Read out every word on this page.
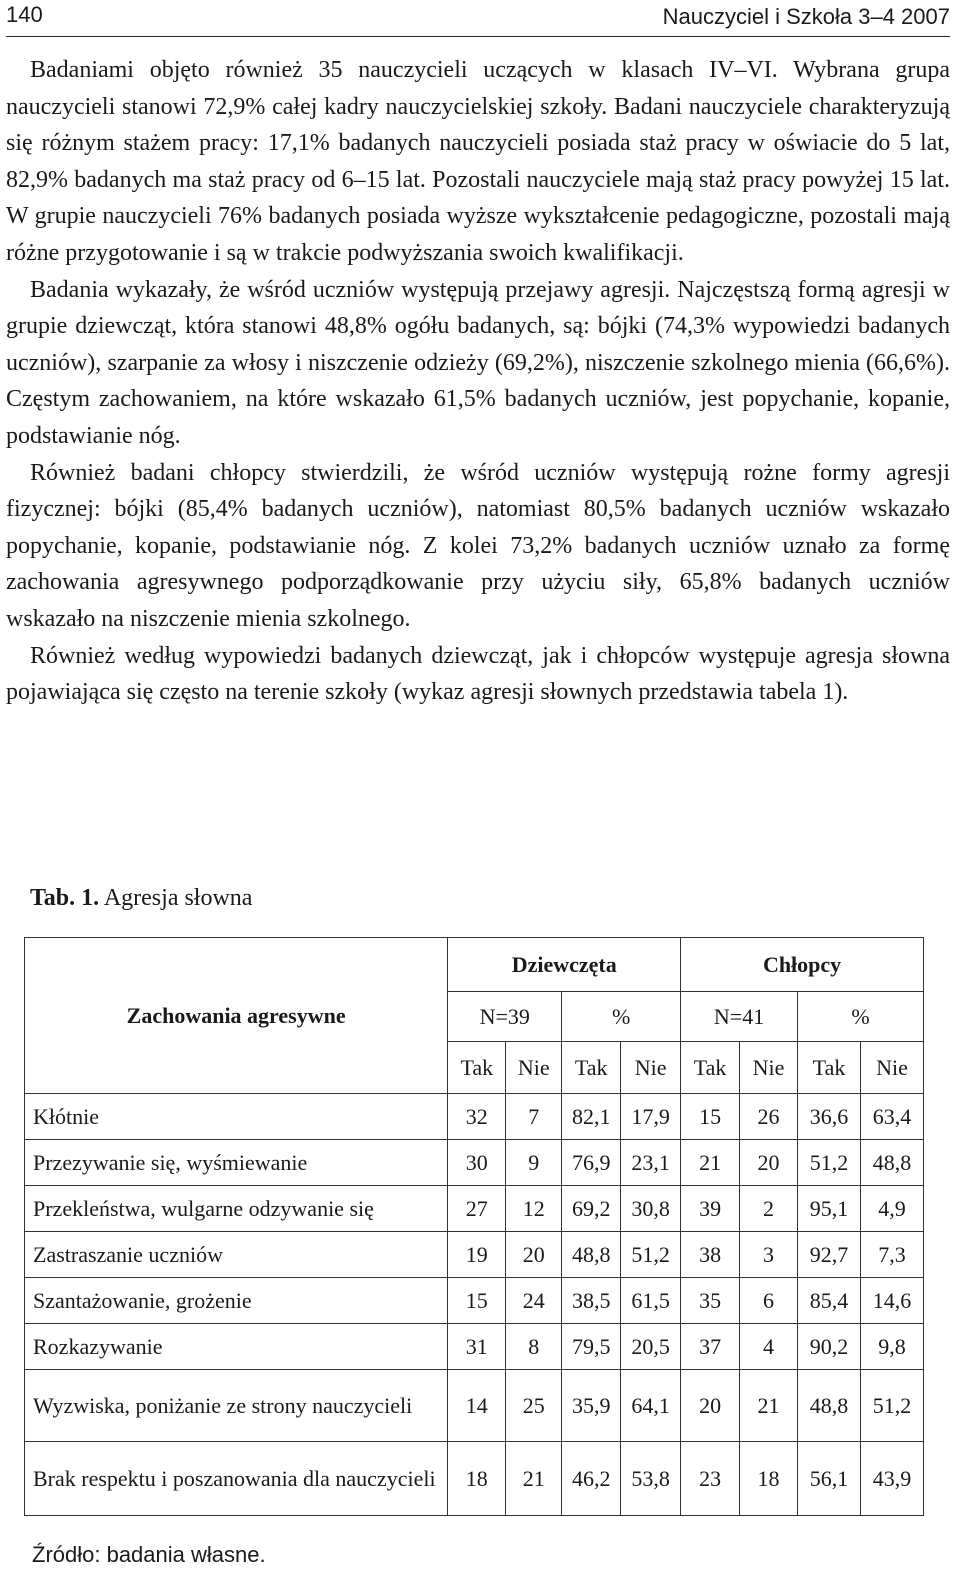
140	Nauczyciel i Szkoła 3–4 2007

Badaniami objęto również 35 nauczycieli uczących w klasach IV–VI. Wybrana grupa nauczycieli stanowi 72,9% całej kadry nauczycielskiej szkoły. Badani nauczyciele charakteryzują się różnym stażem pracy: 17,1% badanych nauczycieli posiada staż pracy w oświacie do 5 lat, 82,9% badanych ma staż pracy od 6–15 lat. Pozostali nauczyciele mają staż pracy powyżej 15 lat. W grupie nauczycieli 76% badanych posiada wyższe wykształcenie pedagogiczne, pozostali mają różne przygotowanie i są w trakcie podwyższania swoich kwalifikacji.

Badania wykazały, że wśród uczniów występują przejawy agresji. Najczęstszą formą agresji w grupie dziewcząt, która stanowi 48,8% ogółu badanych, są: bójki (74,3% wypowiedzi badanych uczniów), szarpanie za włosy i niszczenie odzieży (69,2%), niszczenie szkolnego mienia (66,6%). Częstym zachowaniem, na które wskazało 61,5% badanych uczniów, jest popychanie, kopanie, podstawianie nóg.

Również badani chłopcy stwierdzili, że wśród uczniów występują rożne formy agresji fizycznej: bójki (85,4% badanych uczniów), natomiast 80,5% badanych uczniów wskazało popychanie, kopanie, podstawianie nóg. Z kolei 73,2% badanych uczniów uznało za formę zachowania agresywnego podporządkowanie przy użyciu siły, 65,8% badanych uczniów wskazało na niszczenie mienia szkolnego.

Również według wypowiedzi badanych dziewcząt, jak i chłopców występuje agresja słowna pojawiająca się często na terenie szkoły (wykaz agresji słownych przedstawia tabela 1).

Tab. 1. Agresja słowna
Zachowania agresywne	Dziewczęta				Chłopcy			
	N=39		%		N=41		%	
	Tak	Nie	Tak	Nie	Tak	Nie	Tak	Nie
Kłótnie	32	7	82,1	17,9	15	26	36,6	63,4
Przezywanie się, wyśmiewanie	30	9	76,9	23,1	21	20	51,2	48,8
Przekleństwa, wulgarne odzywanie się	27	12	69,2	30,8	39	2	95,1	4,9
Zastraszanie uczniów	19	20	48,8	51,2	38	3	92,7	7,3
Szantażowanie, grożenie	15	24	38,5	61,5	35	6	85,4	14,6
Rozkazywanie	31	8	79,5	20,5	37	4	90,2	9,8
Wyzwiska, poniżanie ze strony nauczycieli	14	25	35,9	64,1	20	21	48,8	51,2
Brak respektu i poszanowania dla nauczycieli	18	21	46,2	53,8	23	18	56,1	43,9
Źródło: badania własne.
